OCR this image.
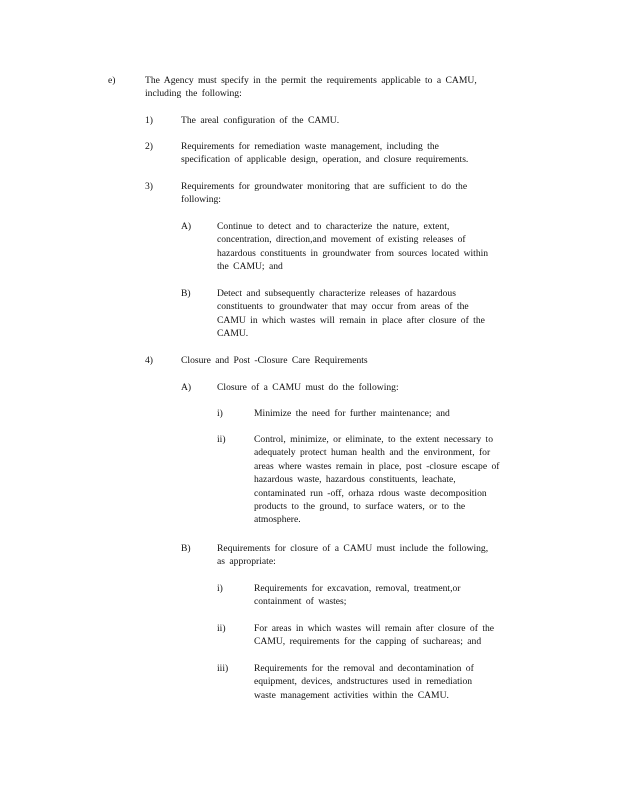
e)	The Agency must specify in the permit the requirements applicable to a CAMU,
including the following:
1)	The areal configuration of the CAMU.
2)	Requirements for remediation waste management, including the
specification of applicable design, operation, and closure requirements.
3)	Requirements for groundwater monitoring that are sufficient to do the
following:
A)	Continue to detect and to characterize the nature, extent,
concentration, direction,and movement of existing releases of
hazardous constituents in groundwater from sources located within
the CAMU; and
B)	Detect and subsequently characterize releases of hazardous
constituents to groundwater that may occur from areas of the
CAMU in which wastes will remain in place after closure of the
CAMU.
4)	Closure and Post -Closure Care Requirements
A)	Closure of a CAMU must do the following:
i)	Minimize the need for further maintenance; and
ii)	Control, minimize, or eliminate, to the extent necessary to
adequately protect human health and the environment, for
areas where wastes remain in place, post -closure escape of
hazardous waste, hazardous constituents, leachate,
contaminated run -off, orhaza rdous waste decomposition
products to the ground, to surface waters, or to the
atmosphere.
B)	Requirements for closure of a CAMU must include the following,
as appropriate:
i)	Requirements for excavation, removal, treatment,or
containment of wastes;
ii)	For areas in which wastes will remain after closure of the
CAMU, requirements for the capping of suchareas; and
iii)	Requirements for the removal and decontamination of
equipment, devices, andstructures used in remediation
waste management activities within the CAMU.
